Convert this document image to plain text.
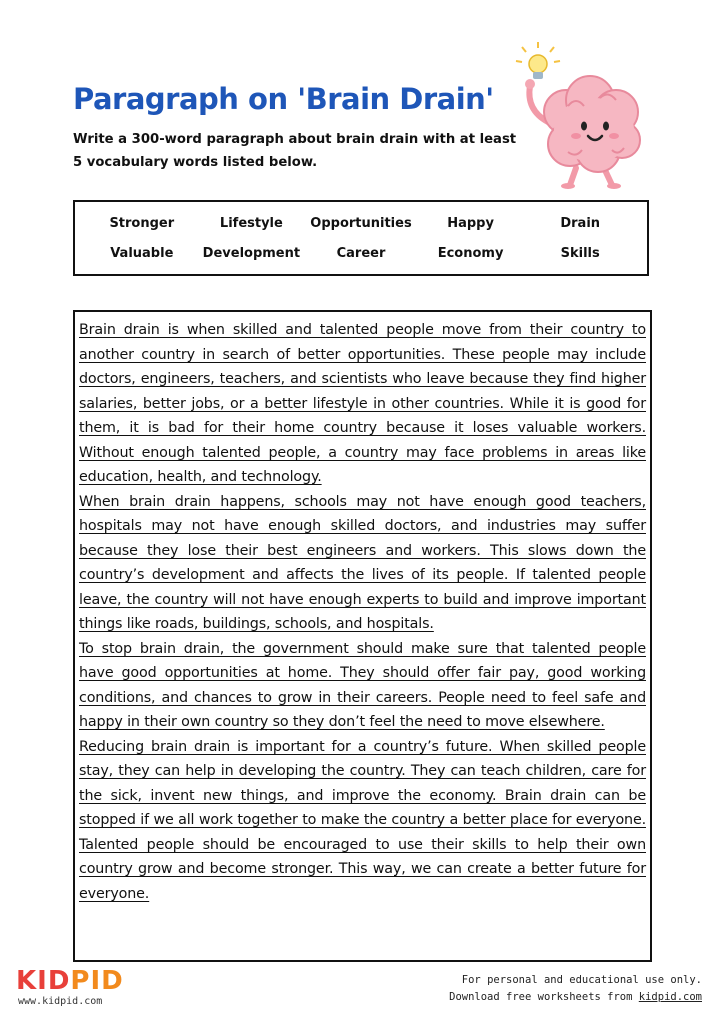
Paragraph on 'Brain Drain'
Write a 300-word paragraph about brain drain with at least 5 vocabulary words listed below.
Stronger	Lifestyle	Opportunities	Happy	Drain
Valuable	Development	Career	Economy	Skills

Brain drain is when skilled and talented people move from their country to another country in search of better opportunities. These people may include doctors, engineers, teachers, and scientists who leave because they find higher salaries, better jobs, or a better lifestyle in other countries. While it is good for them, it is bad for their home country because it loses valuable workers. Without enough talented people, a country may face problems in areas like education, health, and technology.

When brain drain happens, schools may not have enough good teachers, hospitals may not have enough skilled doctors, and industries may suffer because they lose their best engineers and workers. This slows down the country’s development and affects the lives of its people. If talented people leave, the country will not have enough experts to build and improve important things like roads, buildings, schools, and hospitals.

To stop brain drain, the government should make sure that talented people have good opportunities at home. They should offer fair pay, good working conditions, and chances to grow in their careers. People need to feel safe and happy in their own country so they don’t feel the need to move elsewhere.

Reducing brain drain is important for a country’s future. When skilled people stay, they can help in developing the country. They can teach children, care for the sick, invent new things, and improve the economy. Brain drain can be stopped if we all work together to make the country a better place for everyone. Talented people should be encouraged to use their skills to help their own country grow and become stronger. This way, we can create a better future for everyone.

KIDPID
www.kidpid.com
For personal and educational use only.
Download free worksheets from kidpid.com
